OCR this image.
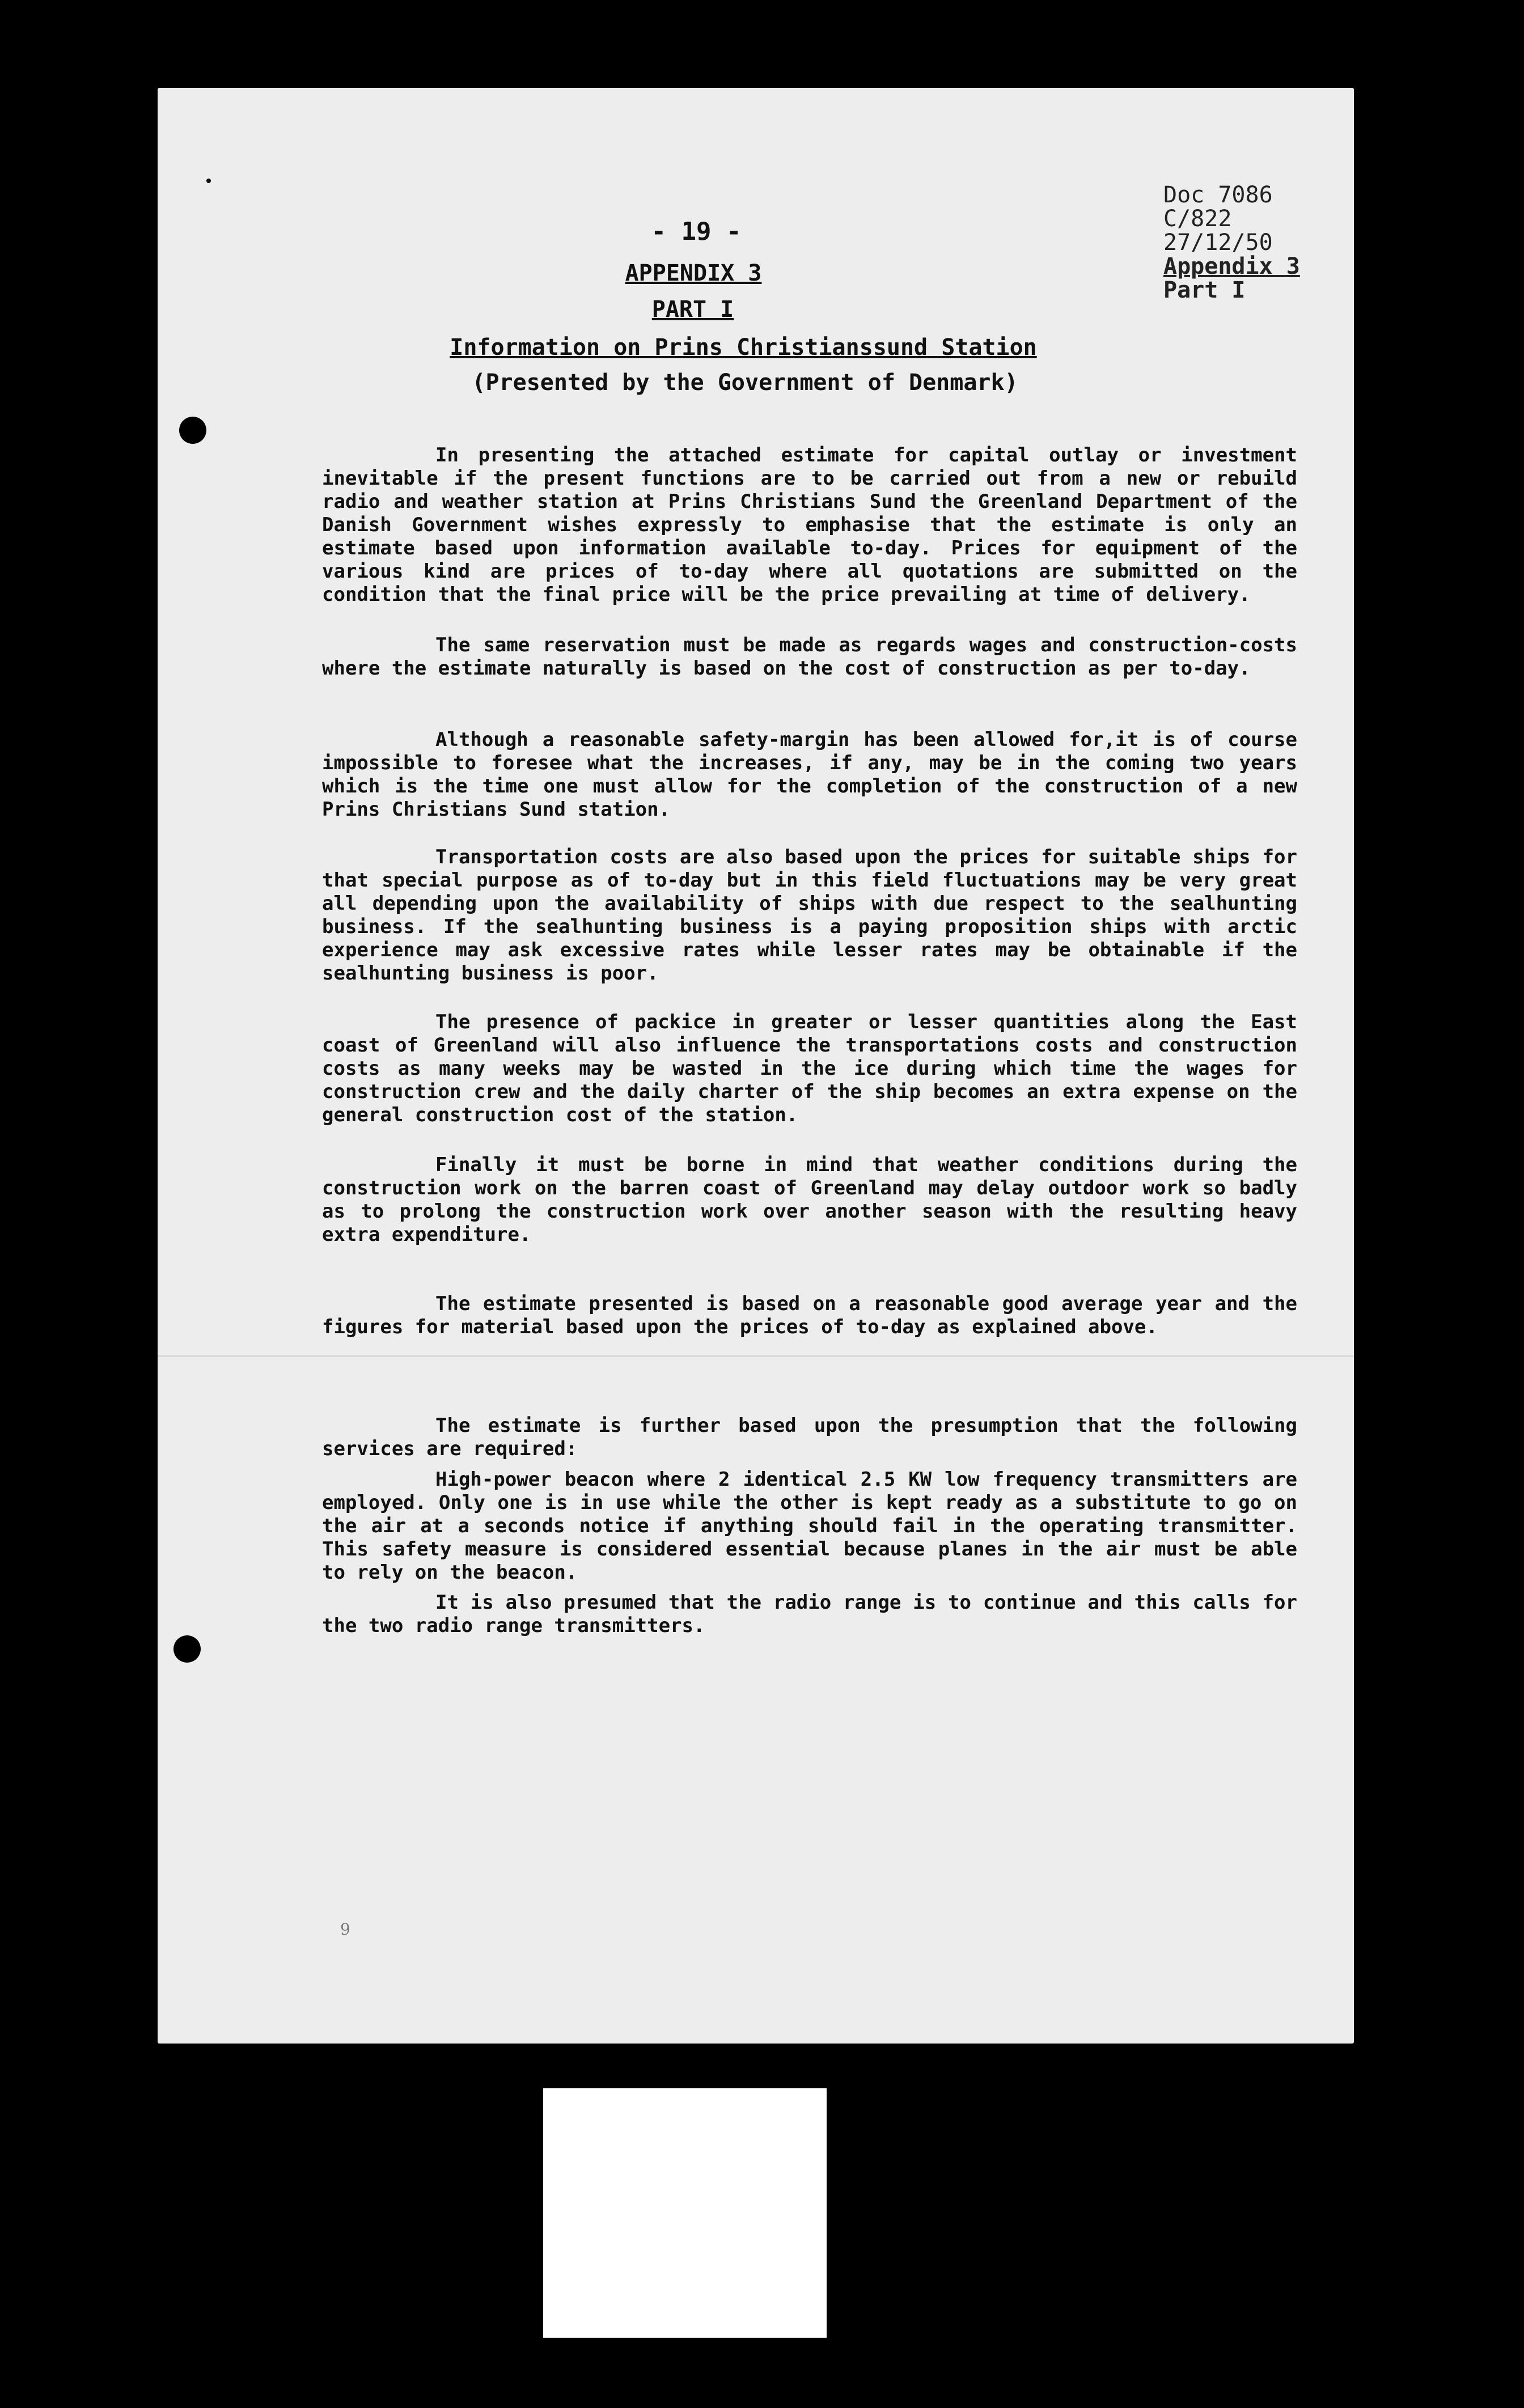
Doc 7086
C/822
27/12/50
Appendix 3
Part I
- 19 -
APPENDIX 3
PART I
Information on Prins Christianssund Station
(Presented by the Government of Denmark)

In presenting the attached estimate for capital outlay or investment inevitable if the present functions are to be carried out from a new or rebuild radio and weather station at Prins Christians Sund the Greenland Department of the Danish Government wishes expressly to emphasise that the estimate is only an estimate based upon information available to-day. Prices for equipment of the various kind are prices of to-day where all quotations are submitted on the condition that the final price will be the price prevailing at time of delivery.

The same reservation must be made as regards wages and construction-costs where the estimate naturally is based on the cost of construction as per to-day.

Although a reasonable safety-margin has been allowed for,it is of course impossible to foresee what the increases, if any, may be in the coming two years which is the time one must allow for the completion of the construction of a new Prins Christians Sund station.

Transportation costs are also based upon the prices for suitable ships for that special purpose as of to-day but in this field fluctuations may be very great all depending upon the availability of ships with due respect to the sealhunting business. If the sealhunting business is a paying proposition ships with arctic experience may ask excessive rates while lesser rates may be obtainable if the sealhunting business is poor.

The presence of packice in greater or lesser quantities along the East coast of Greenland will also influence the transportations costs and construction costs as many weeks may be wasted in the ice during which time the wages for construction crew and the daily charter of the ship becomes an extra expense on the general construction cost of the station.

Finally it must be borne in mind that weather conditions during the construction work on the barren coast of Greenland may delay outdoor work so badly as to prolong the construction work over another season with the resulting heavy extra expenditure.

The estimate presented is based on a reasonable good average year and the figures for material based upon the prices of to-day as explained above.

The estimate is further based upon the presumption that the following services are required:

High-power beacon where 2 identical 2.5 KW low frequency transmitters are employed. Only one is in use while the other is kept ready as a substitute to go on the air at a seconds notice if anything should fail in the operating transmitter. This safety measure is considered essential because planes in the air must be able to rely on the beacon.

It is also presumed that the radio range is to continue and this calls for the two radio range transmitters.

9
